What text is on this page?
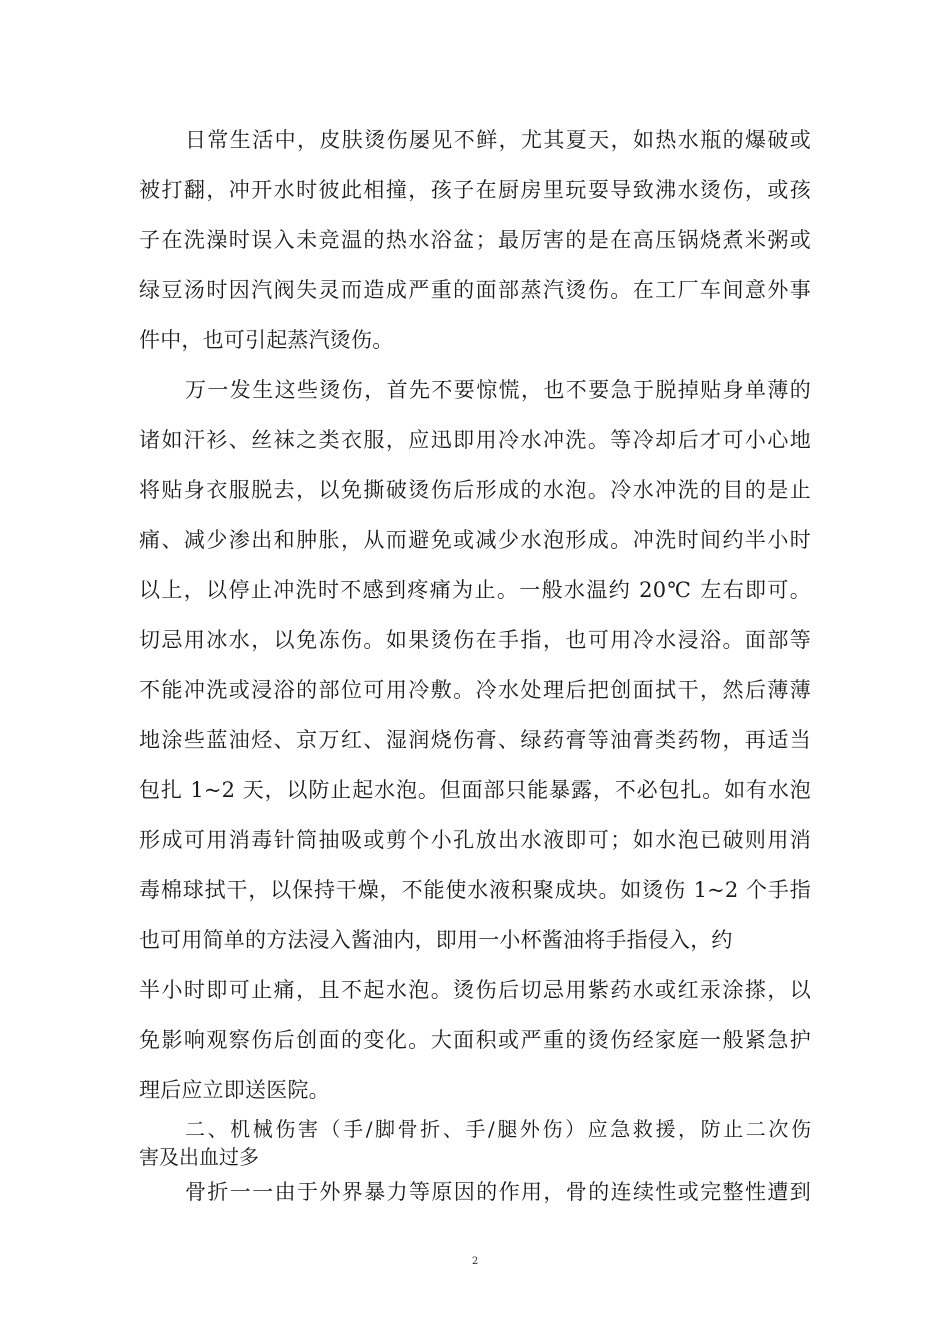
日常生活中，皮肤烫伤屡见不鲜，尤其夏天，如热水瓶的爆破或
被打翻，冲开水时彼此相撞，孩子在厨房里玩耍导致沸水烫伤，或孩
子在洗澡时误入未竞温的热水浴盆；最厉害的是在高压锅烧煮米粥或
绿豆汤时因汽阀失灵而造成严重的面部蒸汽烫伤。在工厂车间意外事
件中，也可引起蒸汽烫伤。
万一发生这些烫伤，首先不要惊慌，也不要急于脱掉贴身单薄的
诸如汗衫、丝袜之类衣服，应迅即用冷水冲洗。等冷却后才可小心地
将贴身衣服脱去，以免撕破烫伤后形成的水泡。冷水冲洗的目的是止
痛、减少渗出和肿胀，从而避免或减少水泡形成。冲洗时间约半小时
以上，以停止冲洗时不感到疼痛为止。一般水温约 20℃ 左右即可。
切忌用冰水，以免冻伤。如果烫伤在手指，也可用冷水浸浴。面部等
不能冲洗或浸浴的部位可用冷敷。冷水处理后把创面拭干，然后薄薄
地涂些蓝油烃、京万红、湿润烧伤膏、绿药膏等油膏类药物，再适当
包扎 1~2 天，以防止起水泡。但面部只能暴露，不必包扎。如有水泡
形成可用消毒针筒抽吸或剪个小孔放出水液即可；如水泡已破则用消
毒棉球拭干，以保持干燥，不能使水液积聚成块。如烫伤 1~2 个手指
也可用简单的方法浸入酱油内，即用一小杯酱油将手指侵入，约
半小时即可止痛，且不起水泡。烫伤后切忌用紫药水或红汞涂搽，以
免影响观察伤后创面的变化。大面积或严重的烫伤经家庭一般紧急护
理后应立即送医院。
二、机械伤害（手/脚骨折、手/腿外伤）应急救援，防止二次伤
害及出血过多
骨折一一由于外界暴力等原因的作用，骨的连续性或完整性遭到
2
